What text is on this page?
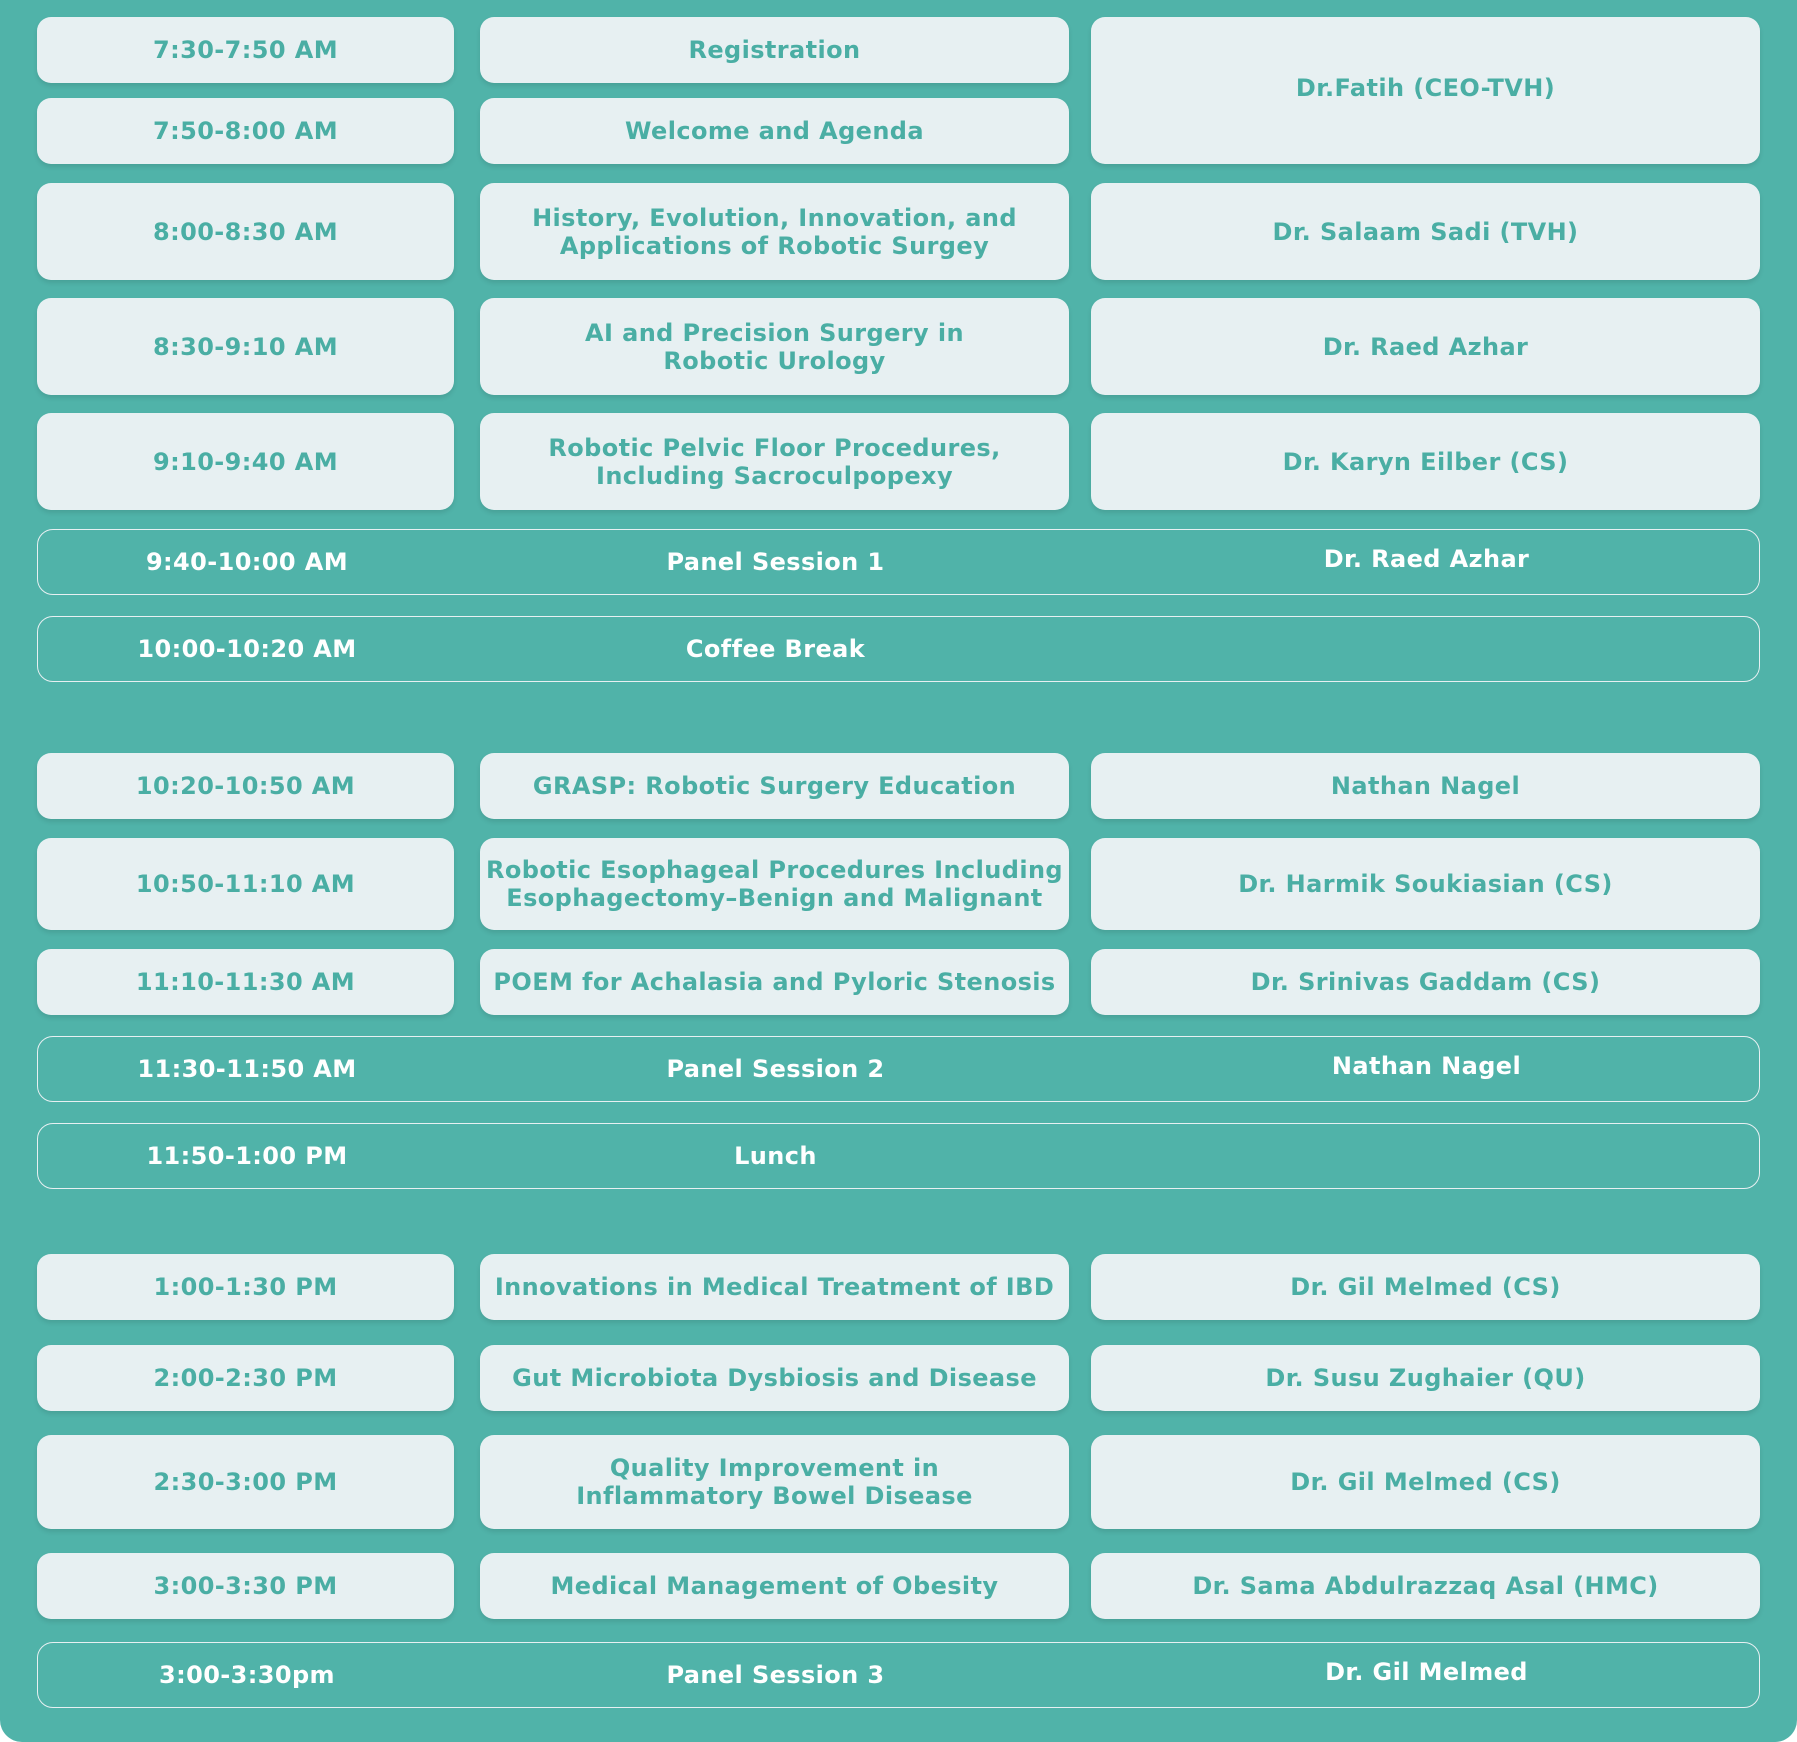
7:30-7:50 AM	Registration
Dr.Fatih (CEO-TVH)
7:50-8:00 AM	Welcome and Agenda
8:00-8:30 AM	History, Evolution, Innovation, and
Applications of Robotic Surgey	Dr. Salaam Sadi (TVH)
8:30-9:10 AM	AI and Precision Surgery in
Robotic Urology	Dr. Raed Azhar
9:10-9:40 AM	Robotic Pelvic Floor Procedures,
Including Sacroculpopexy	Dr. Karyn Eilber (CS)
9:40-10:00 AM	Panel Session 1	Dr. Raed Azhar
10:00-10:20 AM	Coffee Break
10:20-10:50 AM	GRASP: Robotic Surgery Education	Nathan Nagel
10:50-11:10 AM	Robotic Esophageal Procedures Including
Esophagectomy–Benign and Malignant	Dr. Harmik Soukiasian (CS)
11:10-11:30 AM	POEM for Achalasia and Pyloric Stenosis	Dr. Srinivas Gaddam (CS)
11:30-11:50 AM	Panel Session 2	Nathan Nagel
11:50-1:00 PM	Lunch
1:00-1:30 PM	Innovations in Medical Treatment of IBD	Dr. Gil Melmed (CS)
2:00-2:30 PM	Gut Microbiota Dysbiosis and Disease	Dr. Susu Zughaier (QU)
2:30-3:00 PM	Quality Improvement in
Inflammatory Bowel Disease	Dr. Gil Melmed (CS)
3:00-3:30 PM	Medical Management of Obesity	Dr. Sama Abdulrazzaq Asal (HMC)
3:00-3:30pm	Panel Session 3	Dr. Gil Melmed
